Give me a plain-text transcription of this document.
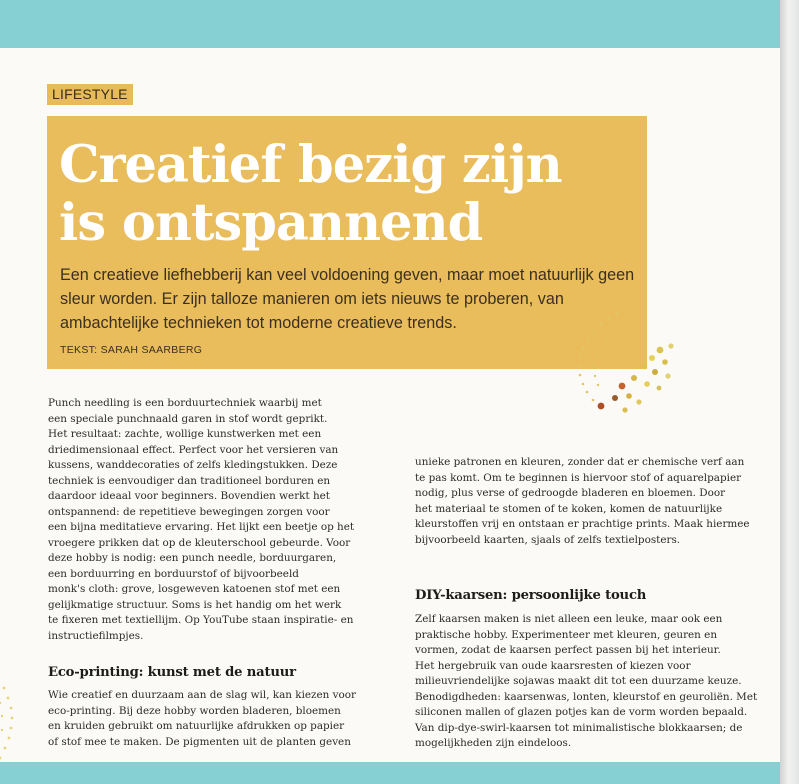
LIFESTYLE
Creatief bezig zijn
is ontspannend

Een creatieve liefhebberij kan veel voldoening geven, maar moet natuurlijk geen sleur worden. Er zijn talloze manieren om iets nieuws te proberen, van ambachtelijke technieken tot moderne creatieve trends.

TEKST: SARAH SAARBERG

Punch needling is een borduurtechniek waarbij met
een speciale punchnaald garen in stof wordt geprikt.
Het resultaat: zachte, wollige kunstwerken met een
driedimensionaal effect. Perfect voor het versieren van
kussens, wanddecoraties of zelfs kledingstukken. Deze
techniek is eenvoudiger dan traditioneel borduren en
daardoor ideaal voor beginners. Bovendien werkt het
ontspannend: de repetitieve bewegingen zorgen voor
een bijna meditatieve ervaring. Het lijkt een beetje op het
vroegere prikken dat op de kleuterschool gebeurde. Voor
deze hobby is nodig: een punch needle, borduurgaren,
een borduurring en borduurstof of bijvoorbeeld
monk's cloth: grove, losgeweven katoenen stof met een
gelijkmatige structuur. Soms is het handig om het werk
te fixeren met textiellijm. Op YouTube staan inspiratie- en
instructiefilmpjes.

Eco-printing: kunst met de natuur

Wie creatief en duurzaam aan de slag wil, kan kiezen voor
eco-printing. Bij deze hobby worden bladeren, bloemen
en kruiden gebruikt om natuurlijke afdrukken op papier
of stof mee te maken. De pigmenten uit de planten geven

unieke patronen en kleuren, zonder dat er chemische verf aan
te pas komt. Om te beginnen is hiervoor stof of aquarelpapier
nodig, plus verse of gedroogde bladeren en bloemen. Door
het materiaal te stomen of te koken, komen de natuurlijke
kleurstoffen vrij en ontstaan er prachtige prints. Maak hiermee
bijvoorbeeld kaarten, sjaals of zelfs textielposters.

DIY-kaarsen: persoonlijke touch

Zelf kaarsen maken is niet alleen een leuke, maar ook een
praktische hobby. Experimenteer met kleuren, geuren en
vormen, zodat de kaarsen perfect passen bij het interieur.
Het hergebruik van oude kaarsresten of kiezen voor
milieuvriendelijke sojawas maakt dit tot een duurzame keuze.
Benodigdheden: kaarsenwas, lonten, kleurstof en geuroliën. Met
siliconen mallen of glazen potjes kan de vorm worden bepaald.
Van dip-dye-swirl-kaarsen tot minimalistische blokkaarsen; de
mogelijkheden zijn eindeloos.
